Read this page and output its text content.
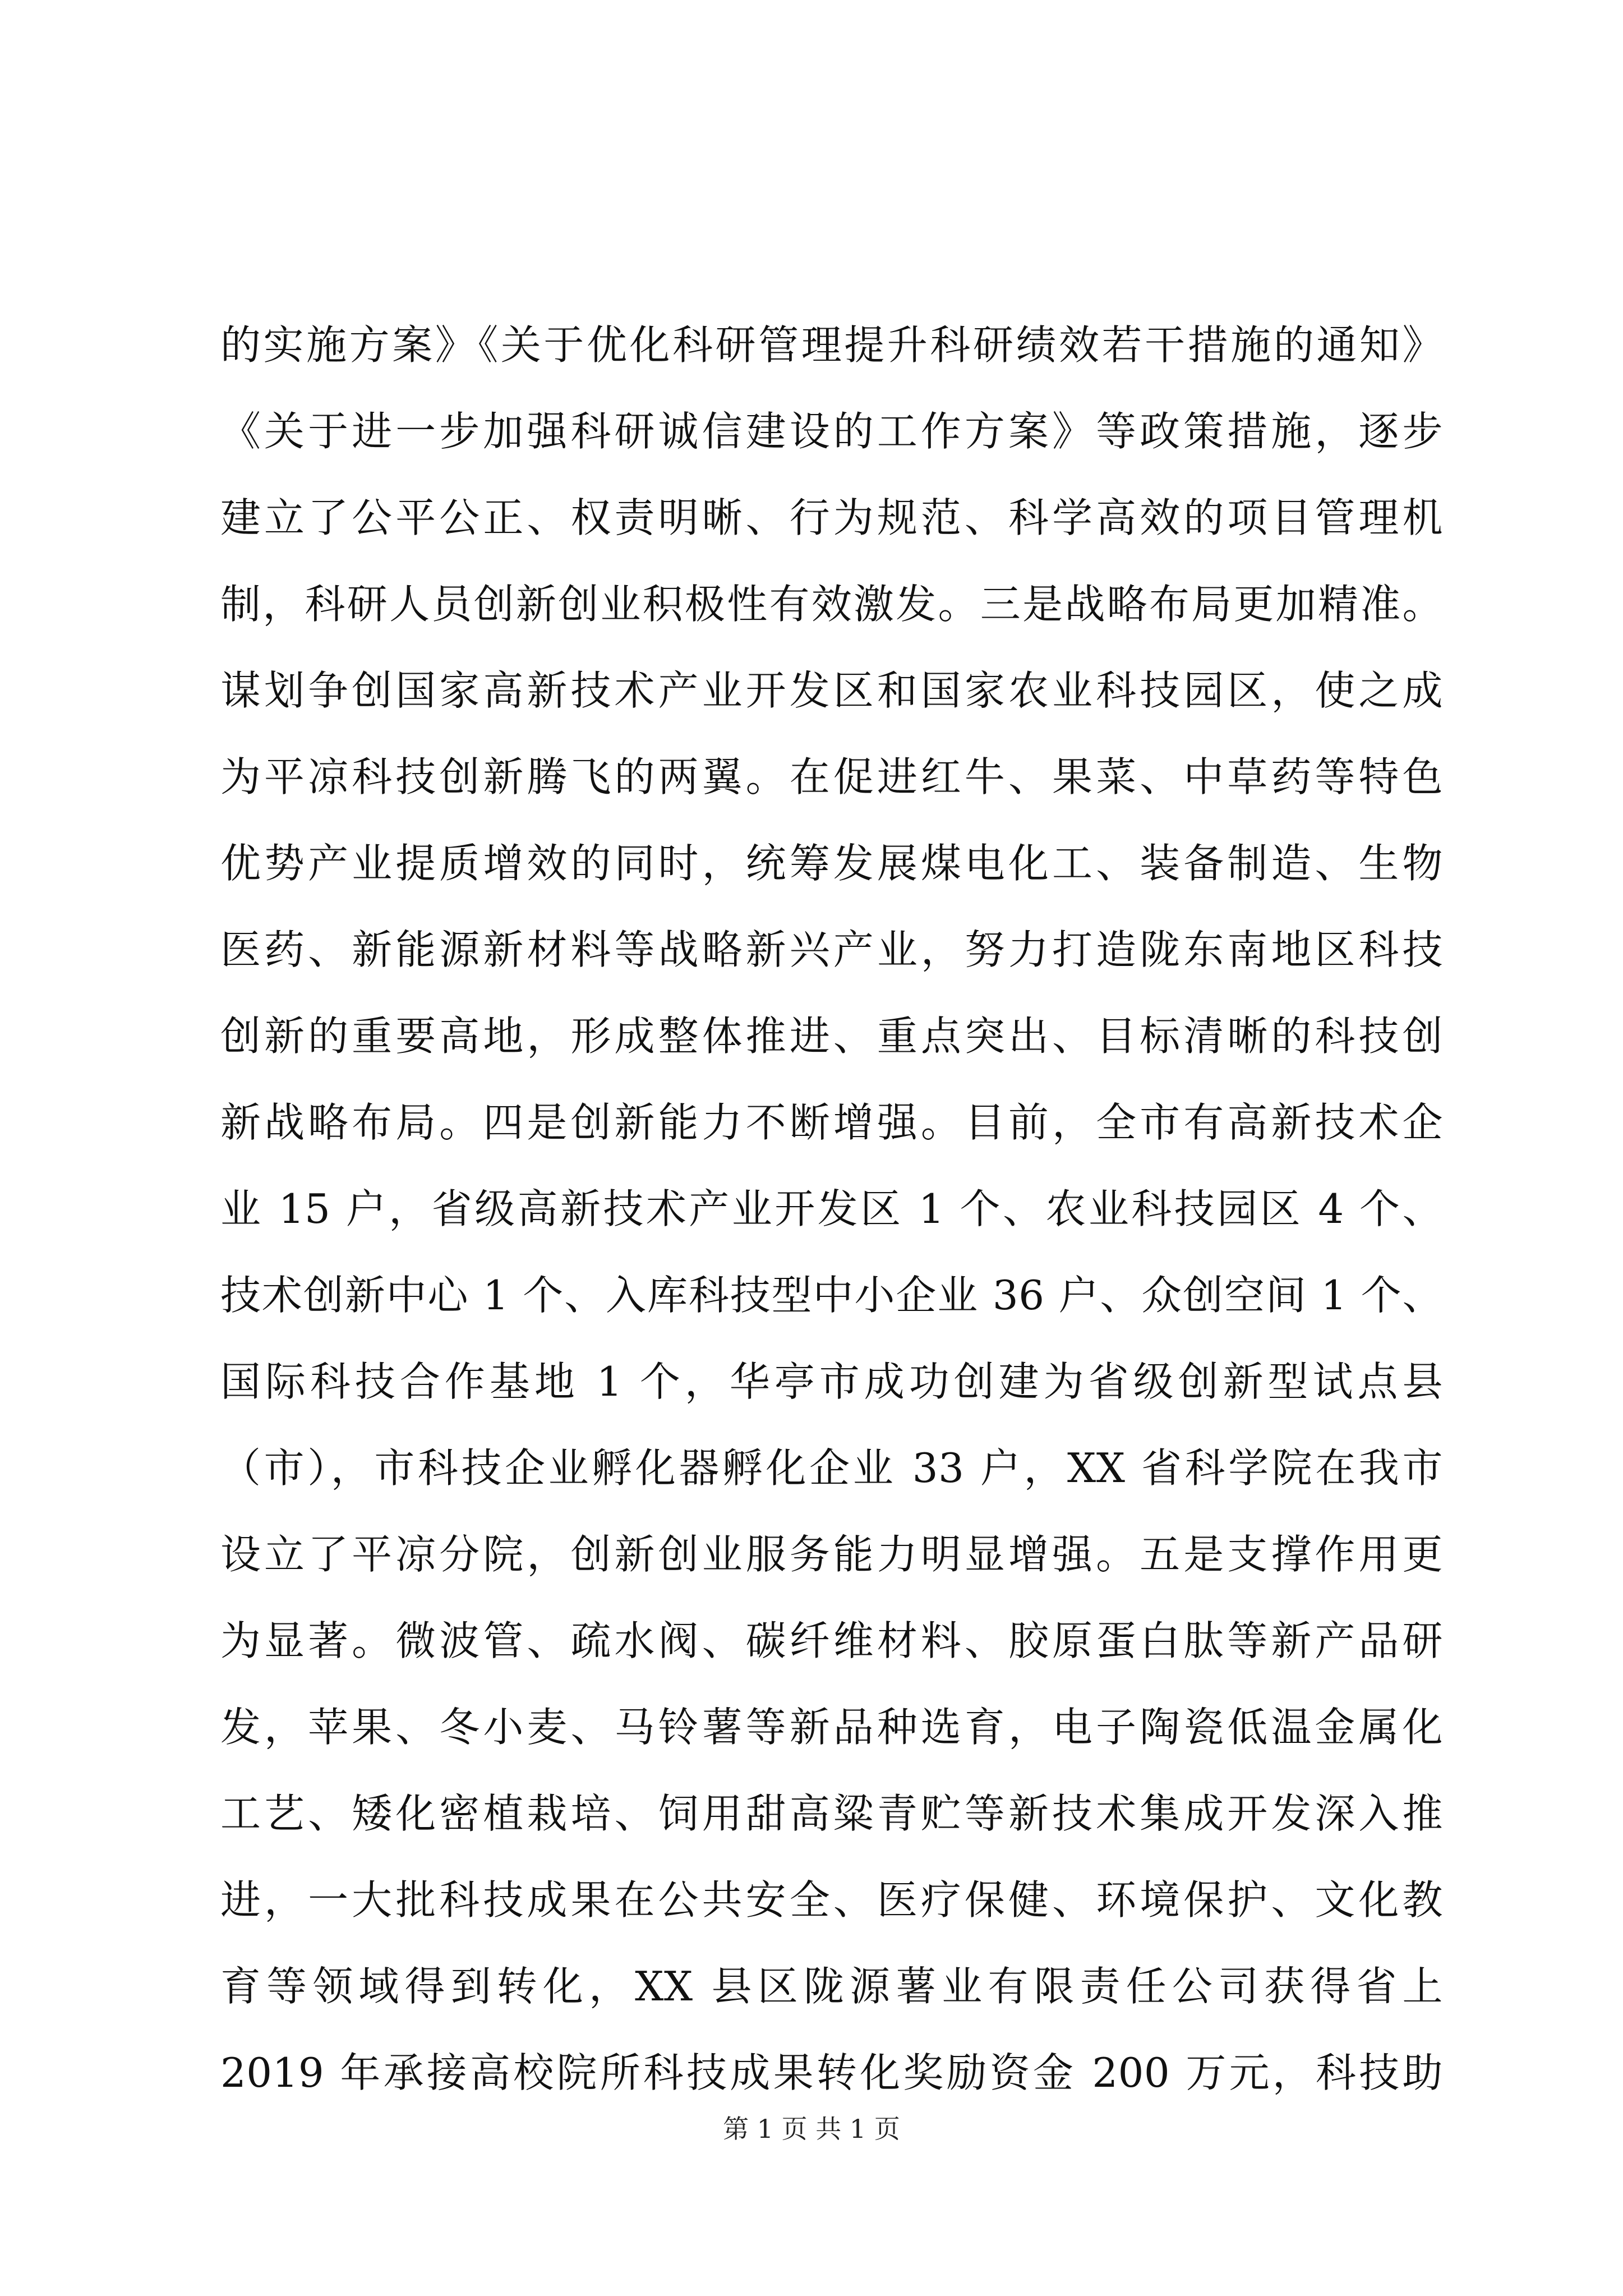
的实施方案》《关于优化科研管理提升科研绩效若干措施的通知》
《关于进一步加强科研诚信建设的工作方案》等政策措施，逐步
建立了公平公正、权责明晰、行为规范、科学高效的项目管理机
制，科研人员创新创业积极性有效激发。三是战略布局更加精准。
谋划争创国家高新技术产业开发区和国家农业科技园区，使之成
为平凉科技创新腾飞的两翼。在促进红牛、果菜、中草药等特色
优势产业提质增效的同时，统筹发展煤电化工、装备制造、生物
医药、新能源新材料等战略新兴产业，努力打造陇东南地区科技
创新的重要高地，形成整体推进、重点突出、目标清晰的科技创
新战略布局。四是创新能力不断增强。目前，全市有高新技术企
业 15 户，省级高新技术产业开发区 1 个、农业科技园区 4 个、
技术创新中心 1 个、入库科技型中小企业 36 户、众创空间 1 个、
国际科技合作基地 1 个，华亭市成功创建为省级创新型试点县
（市），市科技企业孵化器孵化企业 33 户，XX 省科学院在我市
设立了平凉分院，创新创业服务能力明显增强。五是支撑作用更
为显著。微波管、疏水阀、碳纤维材料、胶原蛋白肽等新产品研
发，苹果、冬小麦、马铃薯等新品种选育，电子陶瓷低温金属化
工艺、矮化密植栽培、饲用甜高粱青贮等新技术集成开发深入推
进，一大批科技成果在公共安全、医疗保健、环境保护、文化教
育等领域得到转化，XX 县区陇源薯业有限责任公司获得省上
2019 年承接高校院所科技成果转化奖励资金 200 万元，科技助
第 1 页 共 1 页
